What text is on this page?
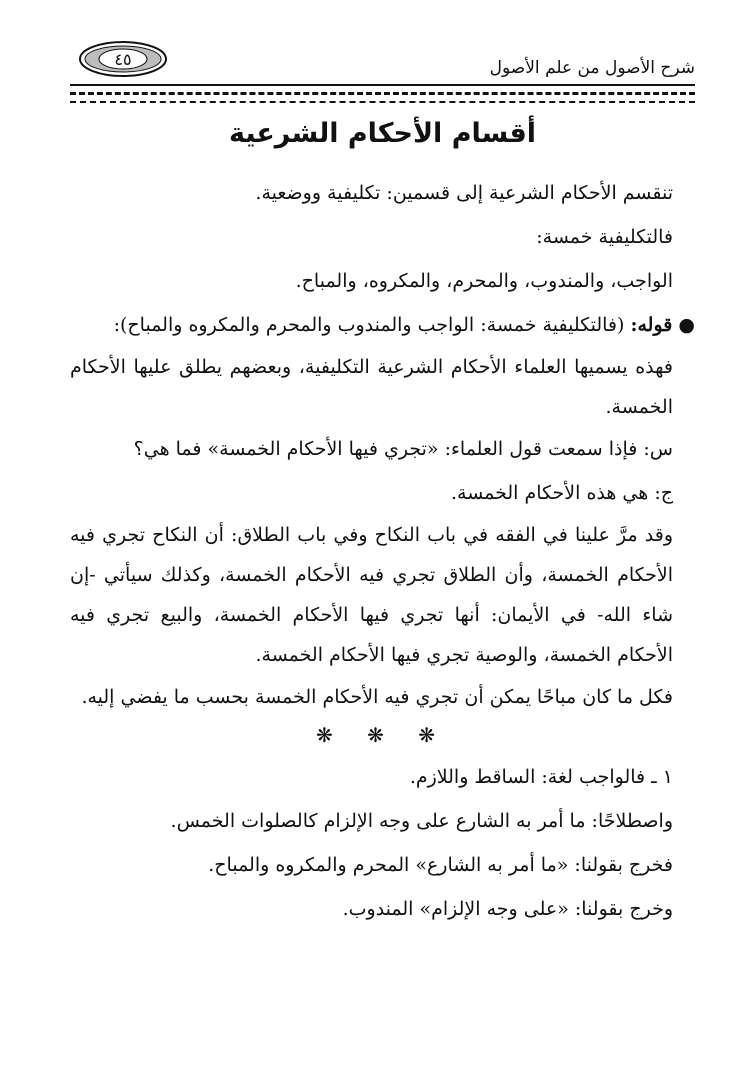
٤٥	شرح الأصول من علم الأصول
أقسام الأحكام الشرعية

تنقسم الأحكام الشرعية إلى قسمين: تكليفية ووضعية.

فالتكليفية خمسة:

الواجب، والمندوب، والمحرم، والمكروه، والمباح.

● قوله: (فالتكليفية خمسة: الواجب والمندوب والمحرم والمكروه والمباح):

فهذه يسميها العلماء الأحكام الشرعية التكليفية، وبعضهم يطلق عليها الأحكام الخمسة.

س: فإذا سمعت قول العلماء: «تجري فيها الأحكام الخمسة» فما هي؟

ج: هي هذه الأحكام الخمسة.

وقد مرَّ علينا في الفقه في باب النكاح وفي باب الطلاق: أن النكاح تجري فيه الأحكام الخمسة، وأن الطلاق تجري فيه الأحكام الخمسة، وكذلك سيأتي -إن شاء الله- في الأيمان: أنها تجري فيها الأحكام الخمسة، والبيع تجري فيه الأحكام الخمسة، والوصية تجري فيها الأحكام الخمسة.

فكل ما كان مباحًا يمكن أن تجري فيه الأحكام الخمسة بحسب ما يفضي إليه.

❋ ❋ ❋

١ ـ فالواجب لغة: الساقط واللازم.

واصطلاحًا: ما أمر به الشارع على وجه الإلزام كالصلوات الخمس.

فخرج بقولنا: «ما أمر به الشارع» المحرم والمكروه والمباح.

وخرج بقولنا: «على وجه الإلزام» المندوب.
